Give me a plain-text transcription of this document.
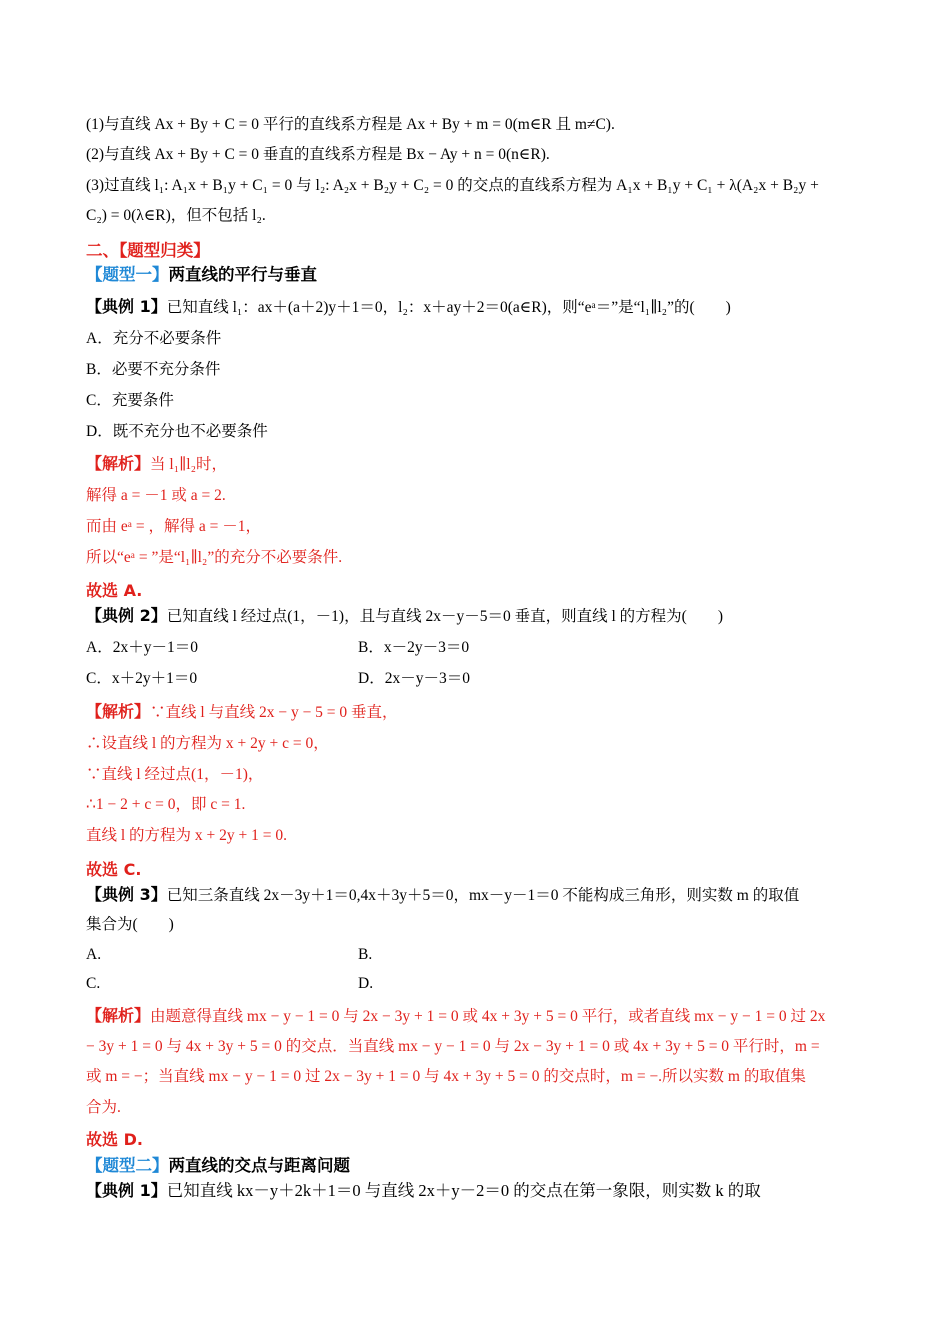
(1)与直线 Ax + By + C = 0 平行的直线系方程是 Ax + By + m = 0(m∈R 且 m≠C).
(2)与直线 Ax + By + C = 0 垂直的直线系方程是 Bx − Ay + n = 0(n∈R).
(3)过直线 l₁: A₁x + B₁y + C₁ = 0 与 l₂: A₂x + B₂y + C₂ = 0 的交点的直线系方程为 A₁x + B₁y + C₁ + λ(A₂x + B₂y +
C₂) = 0(λ∈R)，但不包括 l₂.
二、【题型归类】
【题型一】两直线的平行与垂直
【典例 1】已知直线 l₁：ax＋(a＋2)y＋1＝0，l₂：x＋ay＋2＝0(a∈R)，则“eᵃ＝”是“l₁∥l₂”的(　　)
A．充分不必要条件
B．必要不充分条件
C．充要条件
D．既不充分也不必要条件
【解析】当 l₁∥l₂时，
解得 a = －1 或 a = 2.
而由 eᵃ = ，解得 a = －1，
所以“eᵃ = ”是“l₁∥l₂”的充分不必要条件.
故选 A.
【典例 2】已知直线 l 经过点(1，－1)，且与直线 2x－y－5＝0 垂直，则直线 l 的方程为(　　)
A．2x＋y－1＝0	B．x－2y－3＝0
C．x＋2y＋1＝0	D．2x－y－3＝0
【解析】∵直线 l 与直线 2x − y − 5 = 0 垂直，
∴设直线 l 的方程为 x + 2y + c = 0，
∵直线 l 经过点(1，－1)，
∴1 − 2 + c = 0，即 c = 1.
直线 l 的方程为 x + 2y + 1 = 0.
故选 C.
【典例 3】已知三条直线 2x－3y＋1＝0,4x＋3y＋5＝0，mx－y－1＝0 不能构成三角形，则实数 m 的取值
集合为(　　)
A.	B.
C.	D.
【解析】由题意得直线 mx − y − 1 = 0 与 2x − 3y + 1 = 0 或 4x + 3y + 5 = 0 平行，或者直线 mx − y − 1 = 0 过 2x
− 3y + 1 = 0 与 4x + 3y + 5 = 0 的交点．当直线 mx − y − 1 = 0 与 2x − 3y + 1 = 0 或 4x + 3y + 5 = 0 平行时，m =
或 m = −；当直线 mx − y − 1 = 0 过 2x − 3y + 1 = 0 与 4x + 3y + 5 = 0 的交点时，m = −.所以实数 m 的取值集
合为.
故选 D.
【题型二】两直线的交点与距离问题
【典例 1】已知直线 kx－y＋2k＋1＝0 与直线 2x＋y－2＝0 的交点在第一象限，则实数 k 的取
